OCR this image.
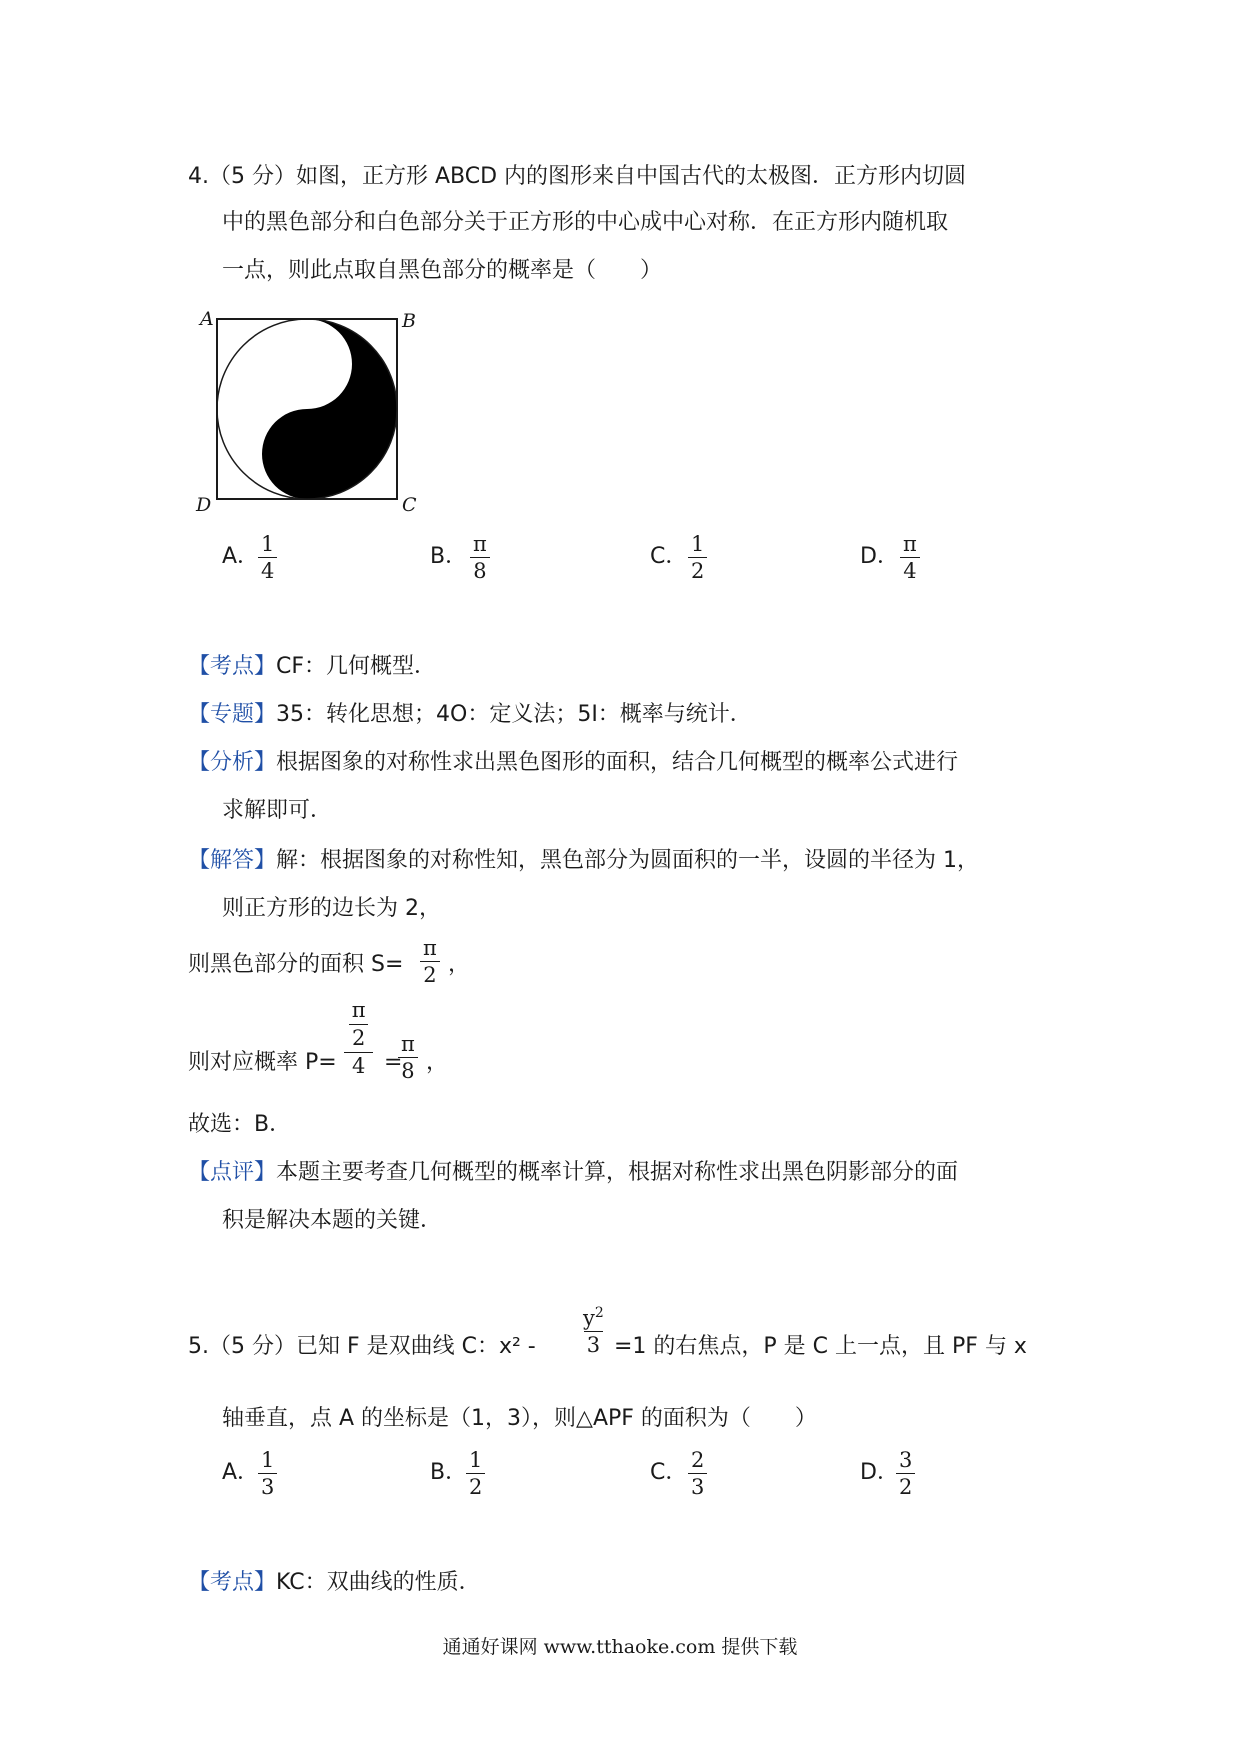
4.（5 分）如图，正方形 ABCD 内的图形来自中国古代的太极图．正方形内切圆
中的黑色部分和白色部分关于正方形的中心成中心对称．在正方形内随机取
一点，则此点取自黑色部分的概率是（　　）
A	B
C
D
A．
$\frac{1}{4}$	B． $\frac{\pi}{8}$	C． $\frac{1}{2}$	D． $\frac{\pi}{4}$
【考点】CF：几何概型．
【专题】35：转化思想；4O：定义法；5I：概率与统计．
【分析】根据图象的对称性求出黑色图形的面积，结合几何概型的概率公式进行
求解即可．
【解答】解：根据图象的对称性知，黑色部分为圆面积的一半，设圆的半径为 1，
则正方形的边长为 2，
则黑色部分的面积 $S= \frac{\pi}{2}$ ，
则对应概率 $P= \frac{\frac{\pi}{2}}{4}$ =
$\frac{\pi}{8}$ ，
故选：B．
【点评】本题主要考查几何概型的概率计算，根据对称性求出黑色阴影部分的面
积是解决本题的关键．
5.（5 分）已知 F 是双曲线 C：$x^2 - \frac{y^2}{3} =1$ 的右焦点，P 是 C 上一点，且 PF 与 x
轴垂直，点 A 的坐标是（1，3），则△APF 的面积为（　　）
A．
$\frac{1}{3}$	B．
$\frac{1}{2}$	C． $\frac{2}{3}$	D．
$\frac{3}{2}$
【考点】KC：双曲线的性质．
通通好课网 www.tthaoke.com 提供下载
